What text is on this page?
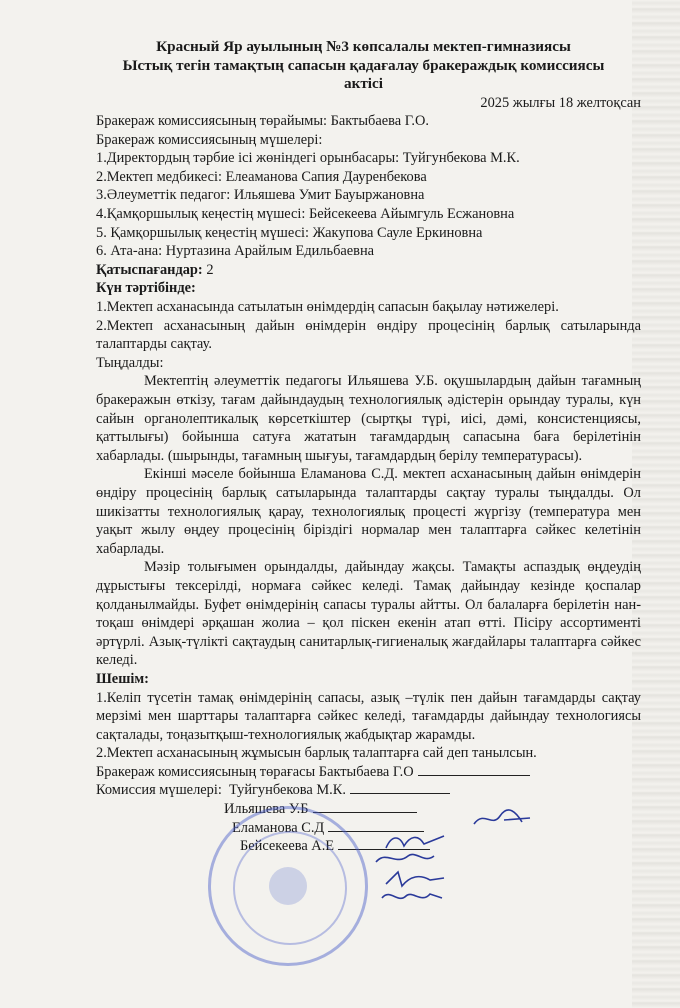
Красный Яр ауылының №3 көпсалалы мектеп-гимназиясы
Ыстық тегін тамақтың сапасын қадағалау бракераждық комиссиясы
актісі
2025 жылғы 18 желтоқсан
Бракераж комиссиясының төрайымы: Бактыбаева Г.О.
Бракераж комиссиясының мүшелері:
1.Директордың тәрбие ісі жөніндегі орынбасары: Туйгунбекова М.К.
2.Мектеп медбикесі: Елеаманова Сапия Дауренбекова
3.Әлеуметтік педагог: Ильяшева Умит Бауыржановна
4.Қамқоршылық кеңестің мүшесі: Бейсекеева Айымгуль Есжановна
5. Қамқоршылық кеңестің мүшесі: Жакупова Сауле Еркиновна
6. Ата-ана: Нуртазина Арайлым Едильбаевна
Қатыспағандар: 2
Күн тәртібінде:
1.Мектеп асханасында сатылатын өнімдердің сапасын бақылау нәтижелері.
2.Мектеп асханасының дайын өнімдерін өндіру процесінің барлық сатыларында талаптарды сақтау.
Тыңдалды:
Мектептің әлеуметтік педагогы Ильяшева У.Б. оқушылардың дайын тағамның бракеражын өткізу, тағам дайындаудың технологиялық әдістерін орындау туралы, күн сайын органолептикалық көрсеткіштер (сыртқы түрі, иісі, дәмі, консистенциясы, қаттылығы) бойынша сатуға жататын тағамдардың сапасына баға берілетінін хабарлады. (шырынды, тағамның шығуы, тағамдардың берілу температурасы).
Екінші мәселе бойынша Еламанова С.Д. мектеп асханасының дайын өнімдерін өндіру процесінің барлық сатыларында талаптарды сақтау туралы тыңдалды. Ол шикізатты технологиялық қарау, технологиялық процесті жүргізу (температура мен уақыт жылу өңдеу процесінің біріздігі нормалар мен талаптарға сәйкес келетінін хабарлады.
Мәзір толығымен орындалды, дайындау жақсы. Тамақты аспаздық өңдеудің дұрыстығы тексерілді, нормаға сәйкес келеді. Тамақ дайындау кезінде қоспалар қолданылмайды. Буфет өнімдерінің сапасы туралы айтты. Ол балаларға берілетін нан-тоқаш өнімдері әрқашан жолиа – қол піскен екенін атап өтті. Пісіру ассортименті әртүрлі. Азық-түлікті сақтаудың санитарлық-гигиеналық жағдайлары талаптарға сәйкес келеді.
Шешім:
1.Келіп түсетін тамақ өнімдерінің сапасы, азық –түлік пен дайын тағамдарды сақтау мерзімі мен шарттары талаптарға сәйкес келеді, тағамдарды дайындау технологиясы сақталады, тоңазытқыш-технологиялық жабдықтар жарамды.
2.Мектеп асханасының жұмысын барлық талаптарға сай деп танылсын.
Бракераж комиссиясының төрағасы Бактыбаева Г.О
Комиссия мүшелері: Туйгунбекова М.К.
Ильяшева У.Б
Еламанова С.Д
Бейсекеева А.Е
